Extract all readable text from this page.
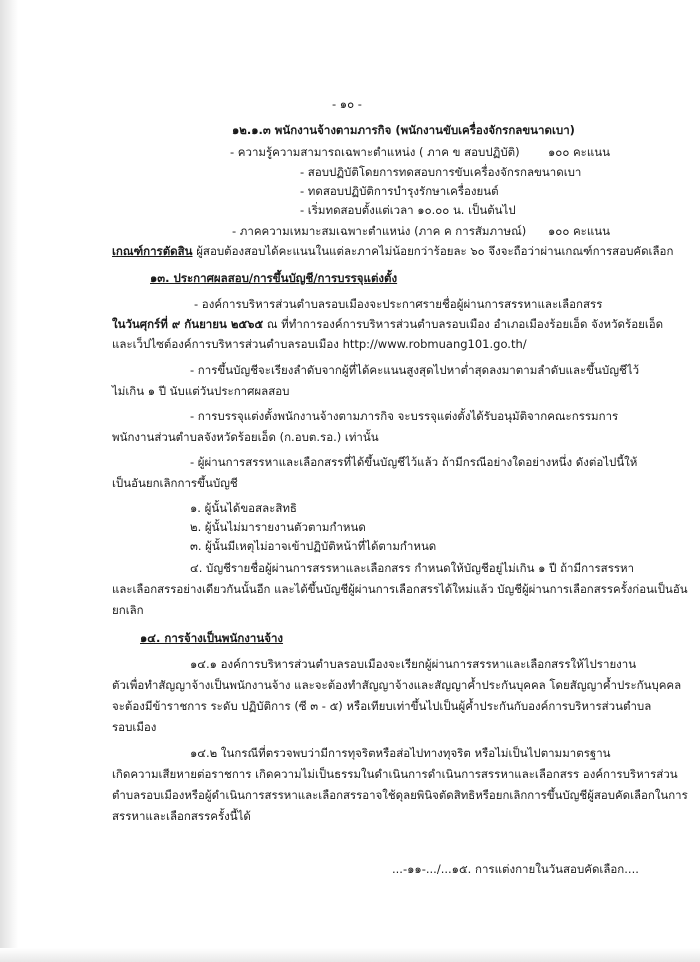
- ๑๐ -
๑๒.๑.๓ พนักงานจ้างตามภารกิจ (พนักงานขับเครื่องจักรกลขนาดเบา)
- ความรู้ความสามารถเฉพาะตำแหน่ง ( ภาค ข สอบปฏิบัติ) ๑๐๐ คะแนน
- สอบปฏิบัติโดยการทดสอบการขับเครื่องจักรกลขนาดเบา
- ทดสอบปฏิบัติการบำรุงรักษาเครื่องยนต์
- เริ่มทดสอบตั้งแต่เวลา ๑๐.๐๐ น. เป็นต้นไป
- ภาคความเหมาะสมเฉพาะตำแหน่ง (ภาค ค การสัมภาษณ์) ๑๐๐ คะแนน
เกณฑ์การตัดสิน ผู้สอบต้องสอบได้คะแนนในแต่ละภาคไม่น้อยกว่าร้อยละ ๖๐ จึงจะถือว่าผ่านเกณฑ์การสอบคัดเลือก
๑๓. ประกาศผลสอบ/การขึ้นบัญชี/การบรรจุแต่งตั้ง
- องค์การบริหารส่วนตำบลรอบเมืองจะประกาศรายชื่อผู้ผ่านการสรรหาและเลือกสรร
ในวันศุกร์ที่ ๙ กันยายน ๒๕๖๕ ณ ที่ทำการองค์การบริหารส่วนตำบลรอบเมือง อำเภอเมืองร้อยเอ็ด จังหวัดร้อยเอ็ด
และเว็ปไซต์องค์การบริหารส่วนตำบลรอบเมือง http://www.robmuang101.go.th/
- การขึ้นบัญชีจะเรียงลำดับจากผู้ที่ได้คะแนนสูงสุดไปหาต่ำสุดลงมาตามลำดับและขึ้นบัญชีไว้
ไม่เกิน ๑ ปี นับแต่วันประกาศผลสอบ
- การบรรจุแต่งตั้งพนักงานจ้างตามภารกิจ จะบรรจุแต่งตั้งได้รับอนุมัติจากคณะกรรมการ
พนักงานส่วนตำบลจังหวัดร้อยเอ็ด (ก.อบต.รอ.) เท่านั้น
- ผู้ผ่านการสรรหาและเลือกสรรที่ได้ขึ้นบัญชีไว้แล้ว ถ้ามีกรณีอย่างใดอย่างหนึ่ง ดังต่อไปนี้ให้
เป็นอันยกเลิกการขึ้นบัญชี
๑. ผู้นั้นได้ขอสละสิทธิ
๒. ผู้นั้นไม่มารายงานตัวตามกำหนด
๓. ผู้นั้นมีเหตุไม่อาจเข้าปฏิบัติหน้าที่ได้ตามกำหนด
๔. บัญชีรายชื่อผู้ผ่านการสรรหาและเลือกสรร กำหนดให้บัญชีอยู่ไม่เกิน ๑ ปี ถ้ามีการสรรหา
และเลือกสรรอย่างเดียวกันนั้นอีก และได้ขึ้นบัญชีผู้ผ่านการเลือกสรรได้ใหม่แล้ว บัญชีผู้ผ่านการเลือกสรรครั้งก่อนเป็นอัน
ยกเลิก
๑๔. การจ้างเป็นพนักงานจ้าง
๑๔.๑ องค์การบริหารส่วนตำบลรอบเมืองจะเรียกผู้ผ่านการสรรหาและเลือกสรรให้ไปรายงาน
ตัวเพื่อทำสัญญาจ้างเป็นพนักงานจ้าง และจะต้องทำสัญญาจ้างและสัญญาค้ำประกันบุคคล โดยสัญญาค้ำประกันบุคคล
จะต้องมีข้าราชการ ระดับ ปฏิบัติการ (ซี ๓ - ๕) หรือเทียบเท่าขึ้นไปเป็นผู้ค้ำประกันกับองค์การบริหารส่วนตำบล
รอบเมือง
๑๔.๒ ในกรณีที่ตรวจพบว่ามีการทุจริตหรือส่อไปทางทุจริต หรือไม่เป็นไปตามมาตรฐาน
เกิดความเสียหายต่อราชการ เกิดความไม่เป็นธรรมในดำเนินการดำเนินการสรรหาและเลือกสรร องค์การบริหารส่วน
ตำบลรอบเมืองหรือผู้ดำเนินการสรรหาและเลือกสรรอาจใช้ดุลยพินิจตัดสิทธิหรือยกเลิกการขึ้นบัญชีผู้สอบคัดเลือกในการ
สรรหาและเลือกสรรครั้งนี้ได้
...-๑๑-.../...๑๕. การแต่งกายในวันสอบคัดเลือก....
